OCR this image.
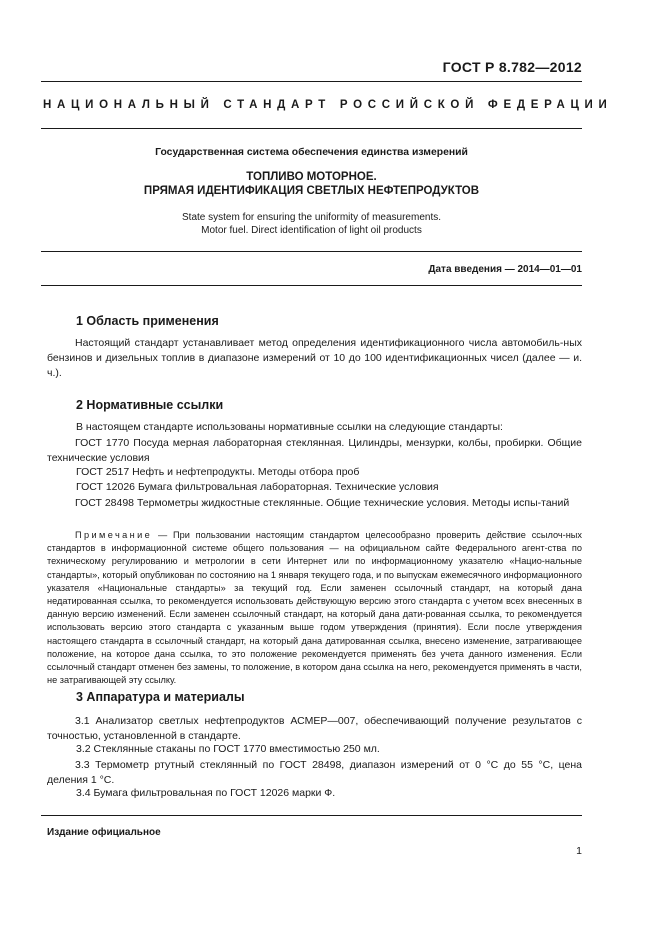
ГОСТ Р 8.782—2012
НАЦИОНАЛЬНЫЙ СТАНДАРТ РОССИЙСКОЙ ФЕДЕРАЦИИ
Государственная система обеспечения единства измерений
ТОПЛИВО МОТОРНОЕ.
ПРЯМАЯ ИДЕНТИФИКАЦИЯ СВЕТЛЫХ НЕФТЕПРОДУКТОВ
State system for ensuring the uniformity of measurements.
Motor fuel. Direct identification of light oil products
Дата введения — 2014—01—01
1 Область применения

Настоящий стандарт устанавливает метод определения идентификационного числа автомобиль-ных бензинов и дизельных топлив в диапазоне измерений от 10 до 100 идентификационных чисел (далее — и. ч.).

2 Нормативные ссылки
В настоящем стандарте использованы нормативные ссылки на следующие стандарты:

ГОСТ 1770 Посуда мерная лабораторная стеклянная. Цилиндры, мензурки, колбы, пробирки. Общие технические условия

ГОСТ 2517 Нефть и нефтепродукты. Методы отбора проб
ГОСТ 12026 Бумага фильтровальная лабораторная. Технические условия

ГОСТ 28498 Термометры жидкостные стеклянные. Общие технические условия. Методы испы-таний

Примечание — При пользовании настоящим стандартом целесообразно проверить действие ссылоч-ных стандартов в информационной системе общего пользования — на официальном сайте Федерального агент-ства по техническому регулированию и метрологии в сети Интернет или по информационному указателю «Нацио-нальные стандарты», который опубликован по состоянию на 1 января текущего года, и по выпускам ежемесячного информационного указателя «Национальные стандарты» за текущий год. Если заменен ссылочный стандарт, на который дана недатированная ссылка, то рекомендуется использовать действующую версию этого стандарта с учетом всех внесенных в данную версию изменений. Если заменен ссылочный стандарт, на который дана дати-рованная ссылка, то рекомендуется использовать версию этого стандарта с указанным выше годом утверждения (принятия). Если после утверждения настоящего стандарта в ссылочный стандарт, на который дана датированная ссылка, внесено изменение, затрагивающее положение, на которое дана ссылка, то это положение рекомендуется применять без учета данного изменения. Если ссылочный стандарт отменен без замены, то положение, в котором дана ссылка на него, рекомендуется применять в части, не затрагивающей эту ссылку.

3 Аппаратура и материалы

3.1 Анализатор светлых нефтепродуктов АСМЕР—007, обеспечивающий получение результатов с точностью, установленной в стандарте.

3.2 Стеклянные стаканы по ГОСТ 1770 вместимостью 250 мл.

3.3 Термометр ртутный стеклянный по ГОСТ 28498, диапазон измерений от 0 °С до 55 °С, цена деления 1 °С.

3.4 Бумага фильтровальная по ГОСТ 12026 марки Ф.
Издание официальное
1
